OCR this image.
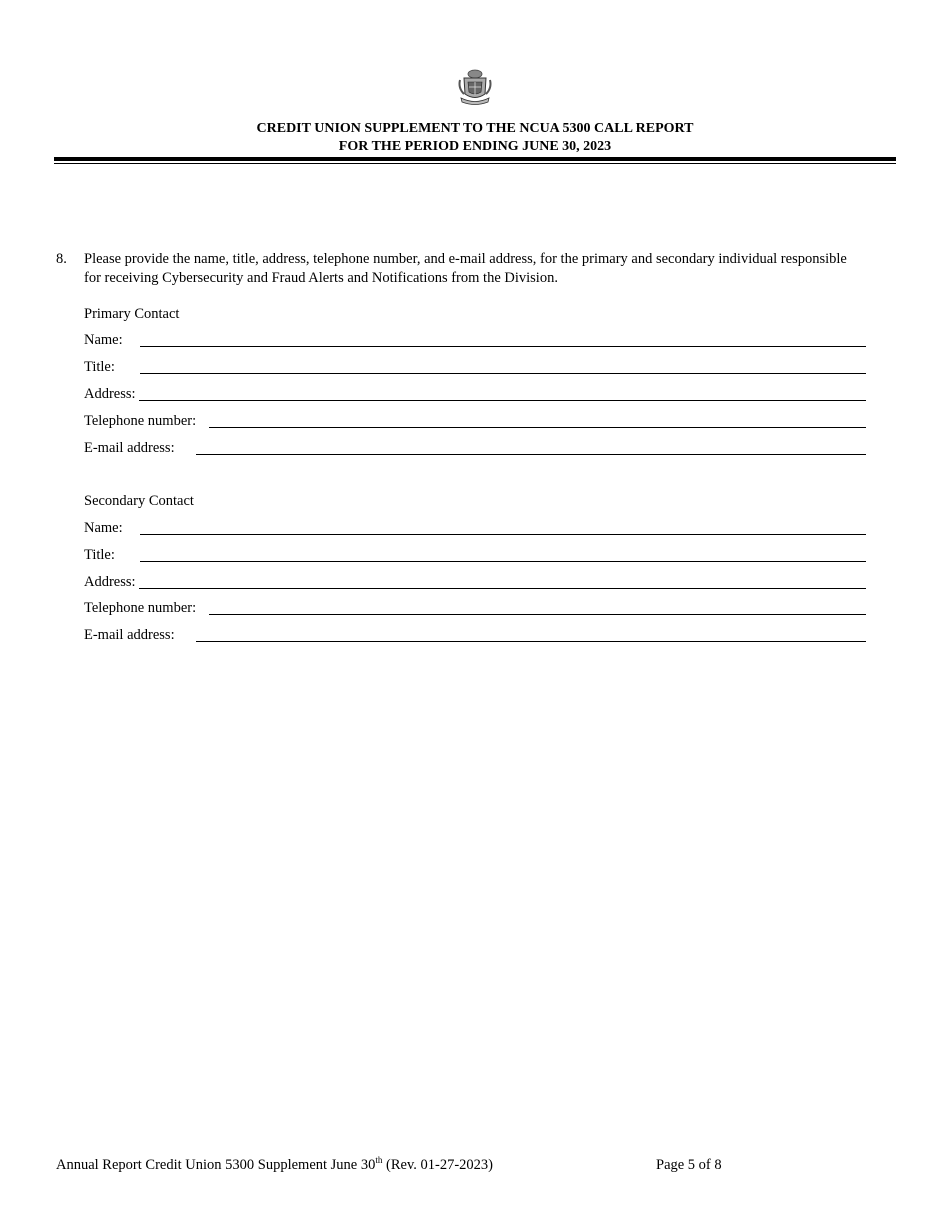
CREDIT UNION SUPPLEMENT TO THE NCUA 5300 CALL REPORT
FOR THE PERIOD ENDING JUNE 30, 2023
8. Please provide the name, title, address, telephone number, and e-mail address, for the primary and secondary individual responsible for receiving Cybersecurity and Fraud Alerts and Notifications from the Division.
Primary Contact
Name:
Title:
Address:
Telephone number:
E-mail address:
Secondary Contact
Name:
Title:
Address:
Telephone number:
E-mail address:
Annual Report Credit Union 5300 Supplement June 30th (Rev. 01-27-2023)	Page 5 of 8
